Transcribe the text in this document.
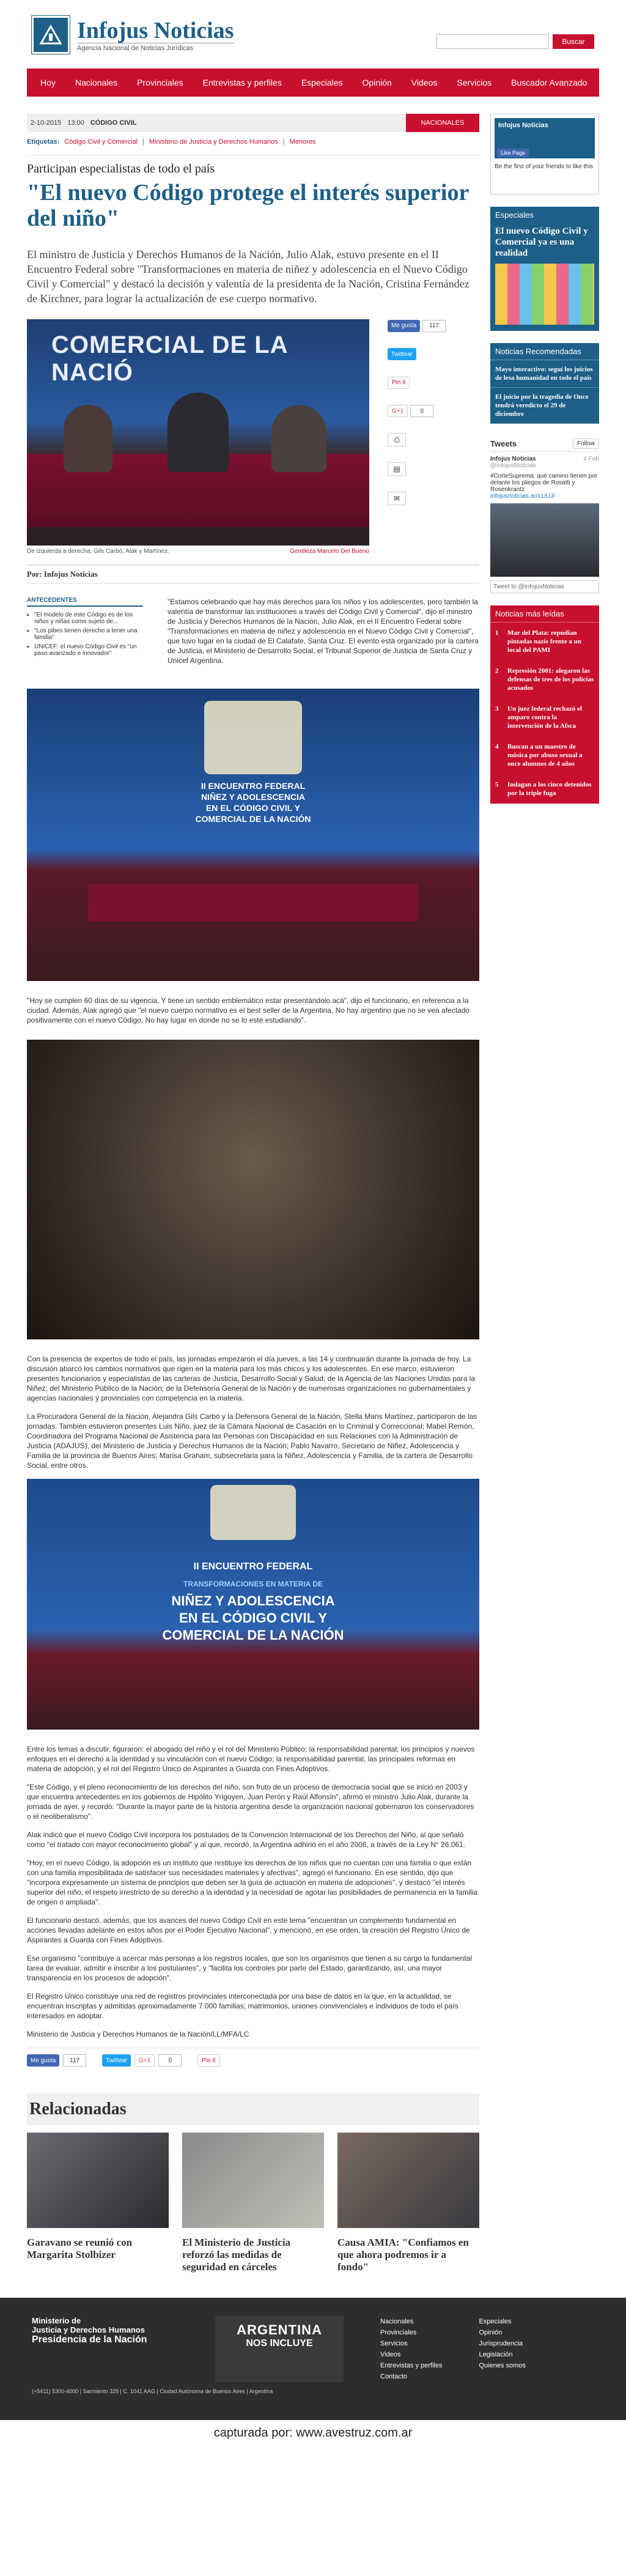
Infojus Noticias
Agencia Nacional de Noticias Jurídicas
Buscar
Hoy	Nacionales	Provinciales	Entrevistas y perfiles	Especiales	Opinión	Videos	Servicios	Buscador Avanzado
2-10-2015 13:00 CÓDIGO CIVIL	NACIONALES
Etiquetas: Código Civil y Comercial | Ministerio de Justicia y Derechos Humanos | Menores
Participan especialistas de todo el país
"El nuevo Código protege el interés superior del niño"

El ministro de Justicia y Derechos Humanos de la Nación, Julio Alak, estuvo presente en el II Encuentro Federal sobre "Transformaciones en materia de niñez y adolescencia en el Nuevo Código Civil y Comercial" y destacó la decisión y valentía de la presidenta de la Nación, Cristina Fernández de Kirchner, para lograr la actualización de ese cuerpo normativo.

COMERCIAL DE LA NACIÓ
De izquierda a derecha, Gils Carbó, Alak y Martínez.	Gentileza Marcelo Del Bueno
Me gusta 117
Twittear
Pin it
G+1	0
⎙
▤
✉
Por: Infojus Noticias
ANTECEDENTES
• "El modelo de este Código es de los niños y niñas como sujeto de...
• "Los pibes tienen derecho a tener una familia"
• UNICEF: el nuevo Código Civil es "un paso avanzado e innovador"

"Estamos celebrando que hay más derechos para los niños y los adolescentes, pero también la valentía de transformar las instituciones a través del Código Civil y Comercial", dijo el ministro de Justicia y Derechos Humanos de la Nación, Julio Alak, en el II Encuentro Federal sobre "Transformaciones en materia de niñez y adolescencia en el Nuevo Código Civil y Comercial", que tuvo lugar en la ciudad de El Calafate, Santa Cruz. El evento está organizado por la cartera de Justicia, el Ministerio de Desarrollo Social, el Tribunal Superior de Justicia de Santa Cruz y Unicef Argentina.

II ENCUENTRO FEDERAL
NIÑEZ Y ADOLESCENCIA
EN EL CÓDIGO CIVIL Y
COMERCIAL DE LA NACIÓN

"Hoy se cumplen 60 días de su vigencia. Y tiene un sentido emblemático estar presentándolo acá", dijo el funcionario, en referencia a la ciudad. Además, Alak agregó que "el nuevo cuerpo normativo es el best seller de la Argentina. No hay argentino que no se vea afectado positivamente con el nuevo Código. No hay lugar en donde no se lo esté estudiando".

Con la presencia de expertos de todo el país, las jornadas empezaron el día jueves, a las 14 y continuarán durante la jornada de hoy. La discusión abarcó los cambios normativos que rigen en la materia para los más chicos y los adolescentes. En ese marco, estuvieron presentes funcionarios y especialistas de las carteras de Justicia, Desarrollo Social y Salud; de la Agencia de las Naciones Unidas para la Niñez; del Ministerio Público de la Nación; de la Defensoría General de la Nación y de numerosas organizaciones no gubernamentales y agencias nacionales y provinciales con competencia en la materia.

La Procuradora General de la Nación, Alejandra Gils Carbó y la Defensora General de la Nación, Stella Maris Martínez, participaron de las jornadas. También estuvieron presentes Luis Niño, juez de la Cámara Nacional de Casación en lo Criminal y Correccional; Mabel Remón, Coordinadora del Programa Nacional de Asistencia para las Personas con Discapacidad en sus Relaciones con la Administración de Justicia (ADAJUS), del Ministerio de Justicia y Derechos Humanos de la Nación; Pablo Navarro, Secretario de Niñez, Adolescencia y Familia de la provincia de Buenos Aires; Marisa Graham, subsecretaria para la Niñez, Adolescencia y Familia, de la cartera de Desarrollo Social, entre otros.

II ENCUENTRO FEDERAL
TRANSFORMACIONES EN MATERIA DE
NIÑEZ Y ADOLESCENCIA
EN EL CÓDIGO CIVIL Y
COMERCIAL DE LA NACIÓN

Entre los temas a discutir, figuraron: el abogado del niño y el rol del Ministerio Público; la responsabilidad parental; los principios y nuevos enfoques en el derecho a la identidad y su vinculación con el nuevo Código; la responsabilidad parental, las principales reformas en materia de adopción; y el rol del Registro Único de Aspirantes a Guarda con Fines Adoptivos.

"Este Código, y el pleno reconocimiento de los derechos del niño, son fruto de un proceso de democracia social que se inició en 2003 y que encuentra antecedentes en los gobiernos de Hipólito Yrigoyen, Juan Perón y Raúl Alfonsín", afirmó el ministro Julio Alak, durante la jornada de ayer, y recordó: "Durante la mayor parte de la historia argentina desde la organización nacional gobernaron los conservadores o el neoliberalismo".

Alak indicó que el nuevo Código Civil incorpora los postulados de la Convención Internacional de los Derechos del Niño, al que señaló como "el tratado con mayor reconocimiento global" y al que, recordó, la Argentina adhirió en el año 2006, a través de la Ley N° 26.061.

"Hoy, en el nuevo Código, la adopción es un instituto que restituye los derechos de los niños que no cuentan con una familia o que están con una familia imposibilitada de satisfacer sus necesidades materiales y afectivas", agregó el funcionario. En ese sentido, dijo que "incorpora expresamente un sistema de principios que deben ser la guía de actuación en materia de adopciones", y destacó "el interés superior del niño, el respeto irrestricto de su derecho a la identidad y la necesidad de agotar las posibilidades de permanencia en la familia de origen o ampliada".

El funcionario destacó, además, que los avances del nuevo Código Civil en este tema "encuentran un complemento fundamental en acciones llevadas adelante en estos años por el Poder Ejecutivo Nacional", y mencionó, en ese orden, la creación del Registro Único de Aspirantes a Guarda con Fines Adoptivos.

Ese organismo "contribuye a acercar más personas a los registros locales, que son los organismos que tienen a su cargo la fundamental tarea de evaluar, admitir e inscribir a los postulantes", y "facilita los controles por parte del Estado, garantizando, así, una mayor transparencia en los procesos de adopción".

El Registro Único constituye una red de registros provinciales interconectada por una base de datos en la que, en la actualidad, se encuentran inscriptas y admitidas aproximadamente 7.000 familias; matrimonios, uniones convivenciales e individuos de todo el país interesados en adoptar.

Ministerio de Justicia y Derechos Humanos de la Nación/LL/MFA/LC

Me gusta	117	Twittear	G+1	0	Pin it
Relacionadas
Garavano se reunió con Margarita Stolbizer
El Ministerio de Justicia reforzó las medidas de seguridad en cárceles
Causa AMIA: "Confiamos en que ahora podremos ir a fondo"
Infojus Noticias
Like Page
Be the first of your friends to like this
Especiales
El nuevo Código Civil y Comercial ya es una realidad
Noticias Recomendadas
Mayo interactivo: seguí los juicios de lesa humanidad en todo el país
El juicio por la tragedia de Once tendrá veredicto el 29 de diciembre
Tweets	Follow
Infojus Noticias	4 Feb
@infojusNoticias
#CorteSuprema: qué camino tienen por delante los pliegos de Rosatti y Rosenkrantz
infojusnoticias.ar/x1/UJ/
Tweet to @InfojusNoticias
Noticias más leídas
1	Mar del Plata: repudian pintadas nazis frente a un local del PAMI
2	Represión 2001: alegaron las defensas de tres de los policías acusados
3	Un juez federal rechazó el amparo contra la intervención de la Afsca
4	Buscan a un maestro de música por abuso sexual a once alumnos de 4 años
5	Indagan a los cinco detenidos por la triple fuga
Ministerio de
Justicia y Derechos Humanos
Presidencia de la Nación
ARGENTINA
NOS INCLUYE
Nacionales
Provinciales
Servicios
Videos
Entrevistas y perfiles
Contacto
Especiales
Opinión
Jurisprudencia
Legislación
Quienes somos
(+5411) 5300-4000 | Sarmiento 329 | C. 1041 AAG | Ciudad Autónoma de Buenos Aires | Argentina
capturada por: www.avestruz.com.ar
